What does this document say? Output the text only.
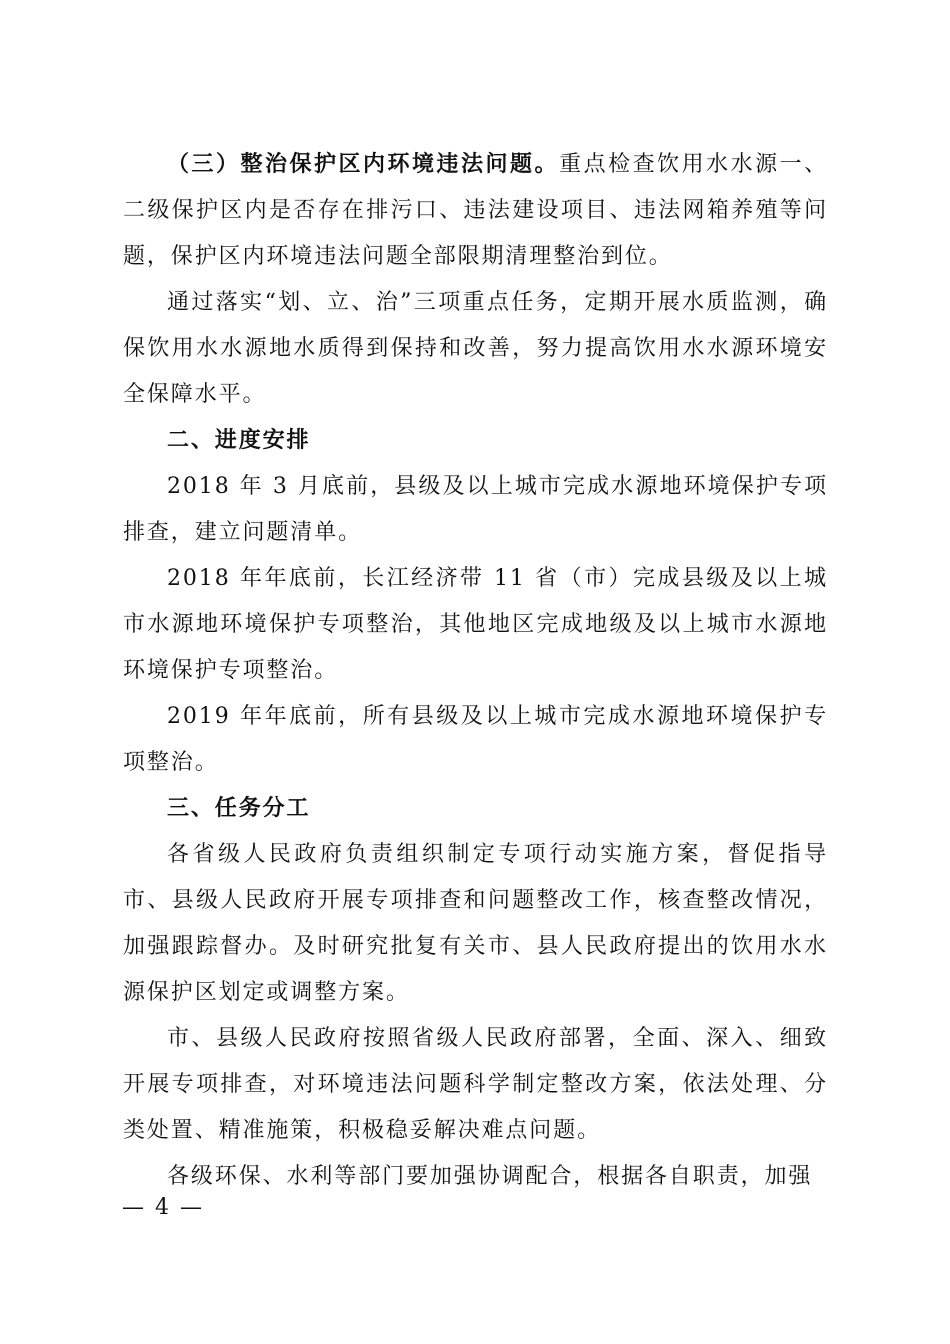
（三）整治保护区内环境违法问题。重点检查饮用水水源一、二级保护区内是否存在排污口、违法建设项目、违法网箱养殖等问题，保护区内环境违法问题全部限期清理整治到位。

通过落实“划、立、治”三项重点任务，定期开展水质监测，确保饮用水水源地水质得到保持和改善，努力提高饮用水水源环境安全保障水平。

二、进度安排

2018 年 3 月底前，县级及以上城市完成水源地环境保护专项排查，建立问题清单。

2018 年年底前，长江经济带 11 省（市）完成县级及以上城市水源地环境保护专项整治，其他地区完成地级及以上城市水源地环境保护专项整治。

2019 年年底前，所有县级及以上城市完成水源地环境保护专项整治。

三、任务分工

各省级人民政府负责组织制定专项行动实施方案，督促指导市、县级人民政府开展专项排查和问题整改工作，核查整改情况，加强跟踪督办。及时研究批复有关市、县人民政府提出的饮用水水源保护区划定或调整方案。

市、县级人民政府按照省级人民政府部署，全面、深入、细致开展专项排查，对环境违法问题科学制定整改方案，依法处理、分类处置、精准施策，积极稳妥解决难点问题。

各级环保、水利等部门要加强协调配合，根据各自职责，加强

— 4 —
